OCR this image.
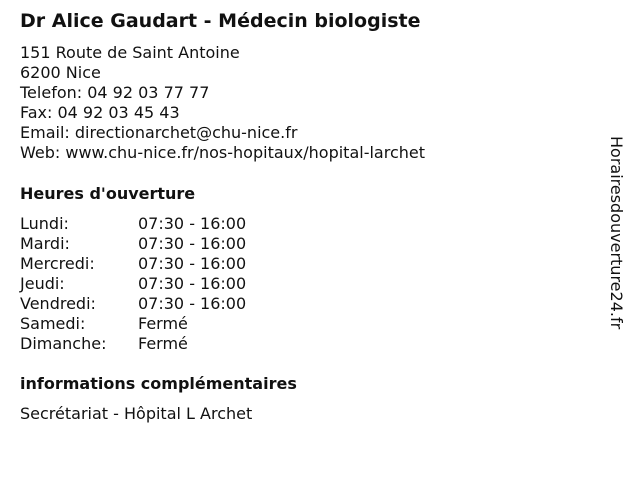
Dr Alice Gaudart - Médecin biologiste
151 Route de Saint Antoine
6200 Nice
Telefon: 04 92 03 77 77
Fax: 04 92 03 45 43
Email: directionarchet@chu-nice.fr
Web: www.chu-nice.fr/nos-hopitaux/hopital-larchet
Heures d'ouverture
Lundi:	07:30 - 16:00
Mardi:	07:30 - 16:00
Mercredi:	07:30 - 16:00
Jeudi:	07:30 - 16:00
Vendredi:	07:30 - 16:00
Samedi:	Fermé
Dimanche:	Fermé
informations complémentaires
Secrétariat - Hôpital L Archet
Horairesdouverture24.fr
